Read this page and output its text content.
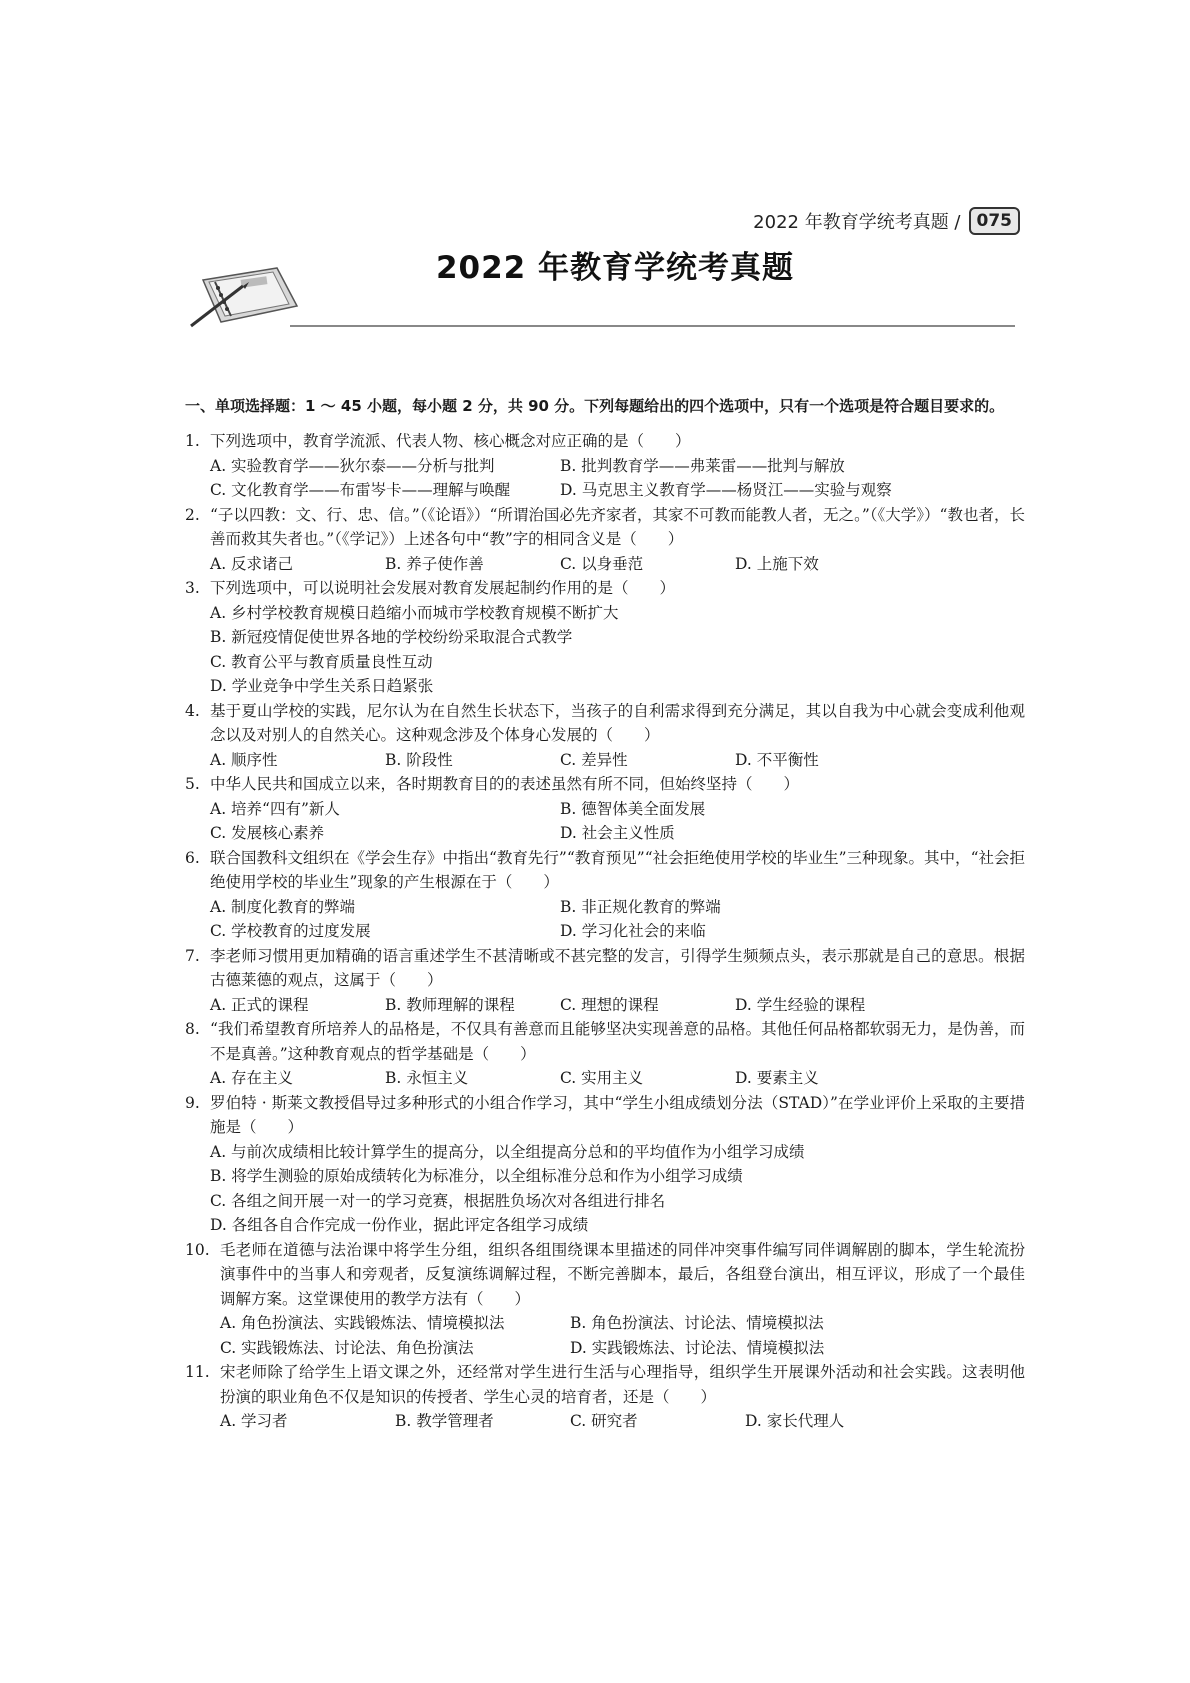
2022 年教育学统考真题 / 075
2022 年教育学统考真题
一、单项选择题：1 ～ 45 小题，每小题 2 分，共 90 分。下列每题给出的四个选项中，只有一个选项是符合题目要求的。
1. 下列选项中，教育学流派、代表人物、核心概念对应正确的是（　　）
A. 实验教育学——狄尔泰——分析与批判	B. 批判教育学——弗莱雷——批判与解放
C. 文化教育学——布雷岑卡——理解与唤醒	D. 马克思主义教育学——杨贤江——实验与观察
2. “子以四教：文、行、忠、信。”（《论语》）“所谓治国必先齐家者，其家不可教而能教人者，无之。”（《大学》）“教也者，长善而救其失者也。”（《学记》）上述各句中“教”字的相同含义是（　　）
A. 反求诸己	B. 养子使作善	C. 以身垂范	D. 上施下效
3. 下列选项中，可以说明社会发展对教育发展起制约作用的是（　　）
A. 乡村学校教育规模日趋缩小而城市学校教育规模不断扩大
B. 新冠疫情促使世界各地的学校纷纷采取混合式教学
C. 教育公平与教育质量良性互动
D. 学业竞争中学生关系日趋紧张
4. 基于夏山学校的实践，尼尔认为在自然生长状态下，当孩子的自利需求得到充分满足，其以自我为中心就会变成利他观念以及对别人的自然关心。这种观念涉及个体身心发展的（　　）
A. 顺序性	B. 阶段性	C. 差异性	D. 不平衡性
5. 中华人民共和国成立以来，各时期教育目的的表述虽然有所不同，但始终坚持（　　）
A. 培养“四有”新人	B. 德智体美全面发展
C. 发展核心素养	D. 社会主义性质
6. 联合国教科文组织在《学会生存》中指出“教育先行”“教育预见”“社会拒绝使用学校的毕业生”三种现象。其中，“社会拒绝使用学校的毕业生”现象的产生根源在于（　　）
A. 制度化教育的弊端	B. 非正规化教育的弊端
C. 学校教育的过度发展	D. 学习化社会的来临
7. 李老师习惯用更加精确的语言重述学生不甚清晰或不甚完整的发言，引得学生频频点头，表示那就是自己的意思。根据古德莱德的观点，这属于（　　）
A. 正式的课程	B. 教师理解的课程	C. 理想的课程	D. 学生经验的课程
8. “我们希望教育所培养人的品格是，不仅具有善意而且能够坚决实现善意的品格。其他任何品格都软弱无力，是伪善，而不是真善。”这种教育观点的哲学基础是（　　）
A. 存在主义	B. 永恒主义	C. 实用主义	D. 要素主义
9. 罗伯特 · 斯莱文教授倡导过多种形式的小组合作学习，其中“学生小组成绩划分法（STAD）”在学业评价上采取的主要措施是（　　）
A. 与前次成绩相比较计算学生的提高分，以全组提高分总和的平均值作为小组学习成绩
B. 将学生测验的原始成绩转化为标准分，以全组标准分总和作为小组学习成绩
C. 各组之间开展一对一的学习竞赛，根据胜负场次对各组进行排名
D. 各组各自合作完成一份作业，据此评定各组学习成绩
10. 毛老师在道德与法治课中将学生分组，组织各组围绕课本里描述的同伴冲突事件编写同伴调解剧的脚本，学生轮流扮演事件中的当事人和旁观者，反复演练调解过程，不断完善脚本，最后，各组登台演出，相互评议，形成了一个最佳调解方案。这堂课使用的教学方法有（　　）
A. 角色扮演法、实践锻炼法、情境模拟法	B. 角色扮演法、讨论法、情境模拟法
C. 实践锻炼法、讨论法、角色扮演法	D. 实践锻炼法、讨论法、情境模拟法
11. 宋老师除了给学生上语文课之外，还经常对学生进行生活与心理指导，组织学生开展课外活动和社会实践。这表明他扮演的职业角色不仅是知识的传授者、学生心灵的培育者，还是（　　）
A. 学习者	B. 教学管理者	C. 研究者	D. 家长代理人
